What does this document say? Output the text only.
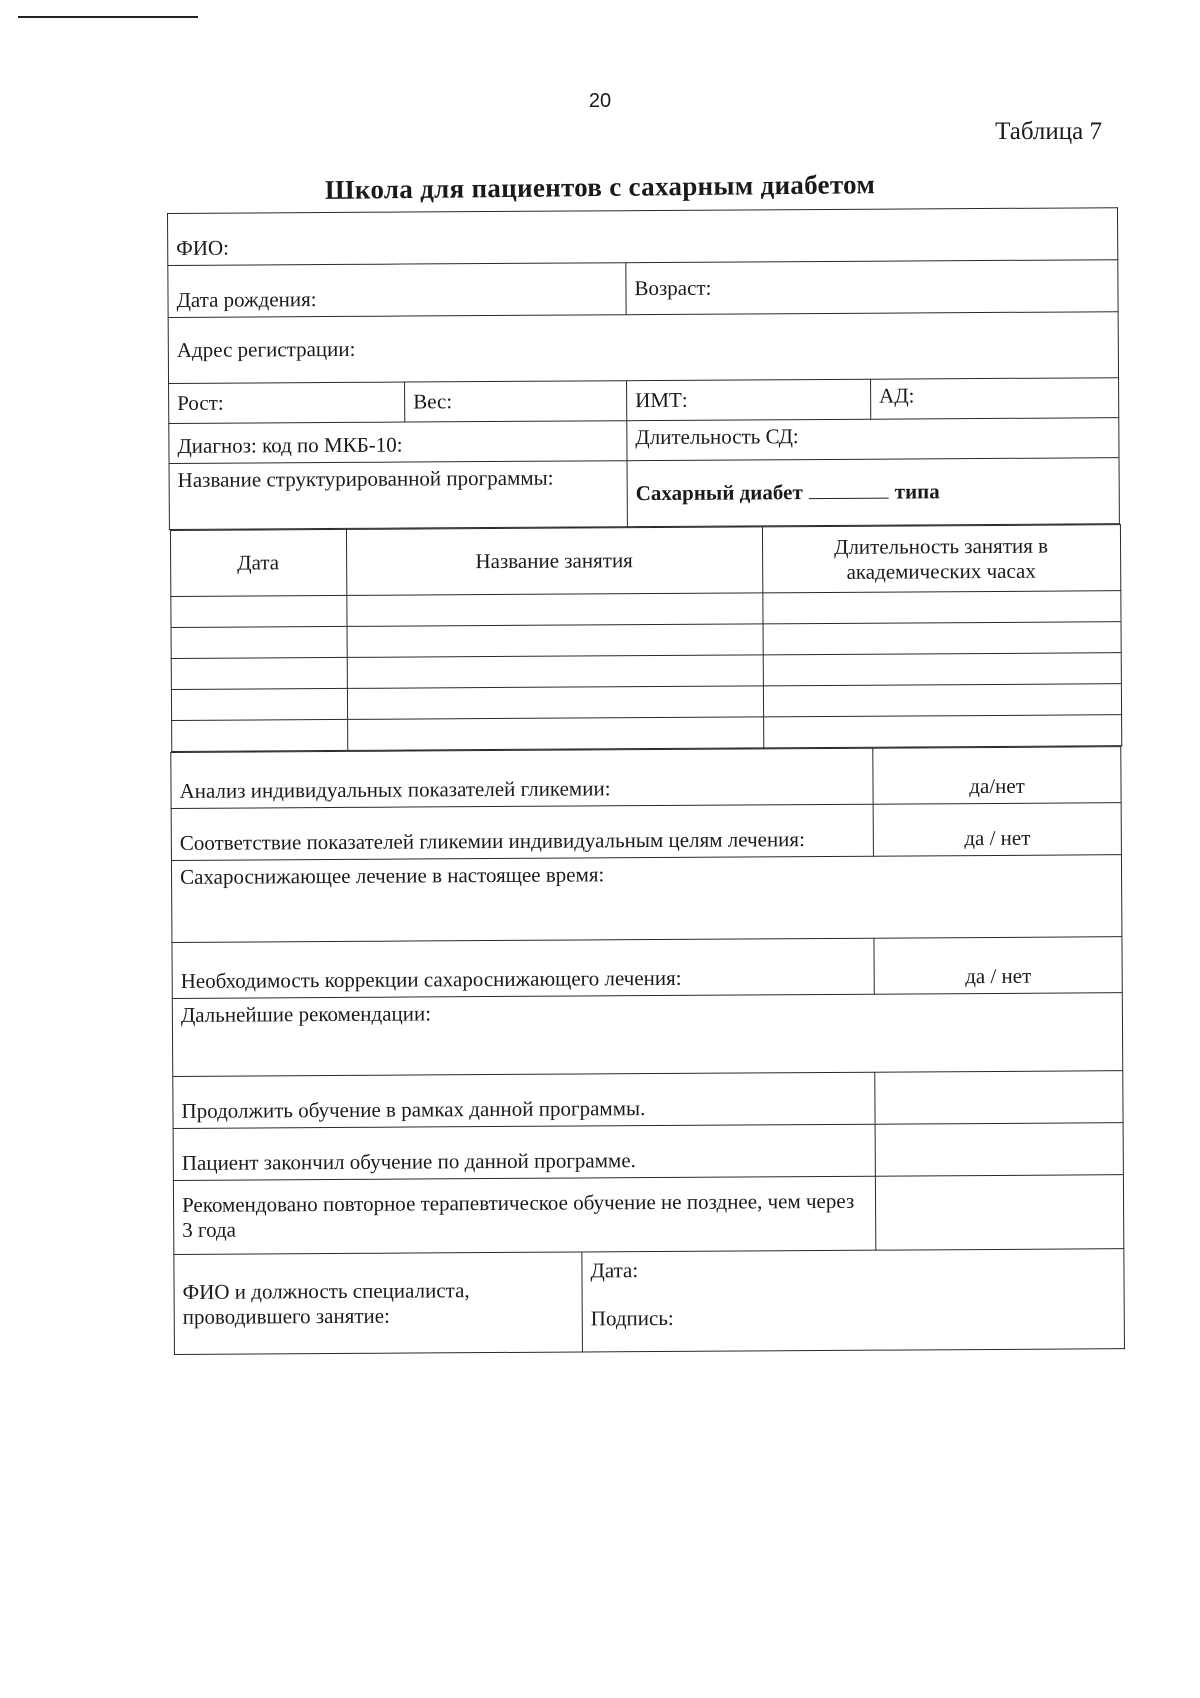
20
Таблица 7
Школа для пациентов с сахарным диабетом
ФИО:
Дата рождения:	Возраст:
Адрес регистрации:
Рост:	Вес:	ИМТ:	АД:
Диагноз: код по МКБ-10:	Длительность СД:
Название структурированной программы:	Сахарный диабет	типа

Дата	Название занятия	Длительность занятия в академических часах

Анализ индивидуальных показателей гликемии:	да/нет
Соответствие показателей гликемии индивидуальным целям лечения:	да / нет
Сахароснижающее лечение в настоящее время:
Необходимость коррекции сахароснижающего лечения:	да / нет
Дальнейшие рекомендации:
Продолжить обучение в рамках данной программы.	
Пациент закончил обучение по данной программе.	
Рекомендовано повторное терапевтическое обучение не позднее, чем через 3 года	
ФИО и должность специалиста, проводившего занятие:	
Дата:
Подпись:
